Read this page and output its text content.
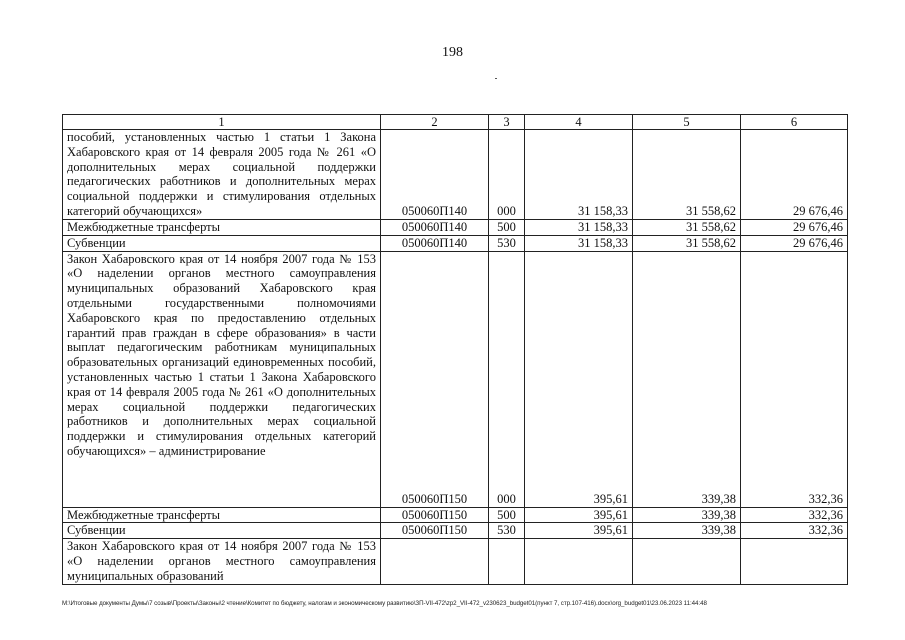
198
1	2	3	4	5	6
пособий, установленных частью 1 статьи 1 Закона Хабаровского края от 14 февраля 2005 года № 261 «О дополнительных мерах социальной поддержки педагогических работников и дополнительных мерах социальной поддержки и стимулирования отдельных категорий обучающихся»	050060П140	000	31 158,33	31 558,62	29 676,46
Межбюджетные трансферты	050060П140	500	31 158,33	31 558,62	29 676,46
Субвенции	050060П140	530	31 158,33	31 558,62	29 676,46
Закон Хабаровского края от 14 ноября 2007 года № 153 «О наделении органов местного самоуправления муниципальных образований Хабаровского края отдельными государственными полномочиями Хабаровского края по предоставлению отдельных гарантий прав граждан в сфере образования» в части выплат педагогическим работникам муниципальных образовательных организаций единовременных пособий, установленных частью 1 статьи 1 Закона Хабаровского края от 14 февраля 2005 года № 261 «О дополнительных мерах социальной поддержки педагогических работников и дополнительных мерах социальной поддержки и стимулирования отдельных категорий обучающихся» – администрирование	050060П150	000	395,61	339,38	332,36
Межбюджетные трансферты	050060П150	500	395,61	339,38	332,36
Субвенции	050060П150	530	395,61	339,38	332,36
Закон Хабаровского края от 14 ноября 2007 года № 153 «О наделении органов местного самоуправления муниципальных образований					
М:\Итоговые документы Думы\7 созыв\Проекты\Законы\2 чтение\Комитет по бюджету, налогам и экономическому развитию\ЗП-VII-472\zp2_VII-472_v230623_budget01(пункт 7, стр.107-416).docx\org_budget01\23.06.2023 11:44:48
